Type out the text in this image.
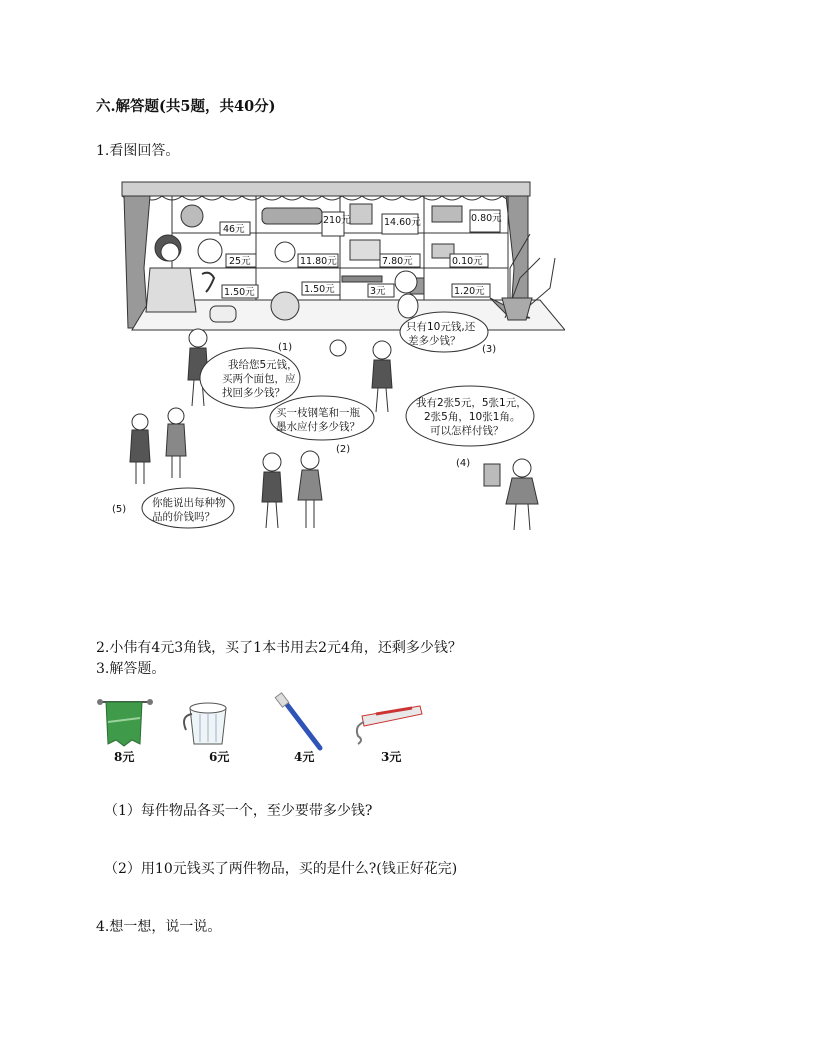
六.解答题(共5题，共40分)
1.看图回答。
46元
210元	14.60元	0.80元
25元	11.80元	7.80元	0.10元
1.50元	1.50元	3元	1.20元
我给您5元钱，
买两个面包，应
找回多少钱？
买一枝钢笔和一瓶
墨水应付多少钱？
只有10元钱,还
差多少钱？
我有2张5元，5张1元，
2张5角，10张1角。
可以怎样付钱？
你能说出每种物
品的价钱吗？
(1)
(2)
(3)
(4)
(5)
2.小伟有4元3角钱，买了1本书用去2元4角，还剩多少钱？
3.解答题。
8元	6元	4元	3元
（1）每件物品各买一个，至少要带多少钱?
（2）用10元钱买了两件物品，买的是什么?(钱正好花完)
4.想一想，说一说。
